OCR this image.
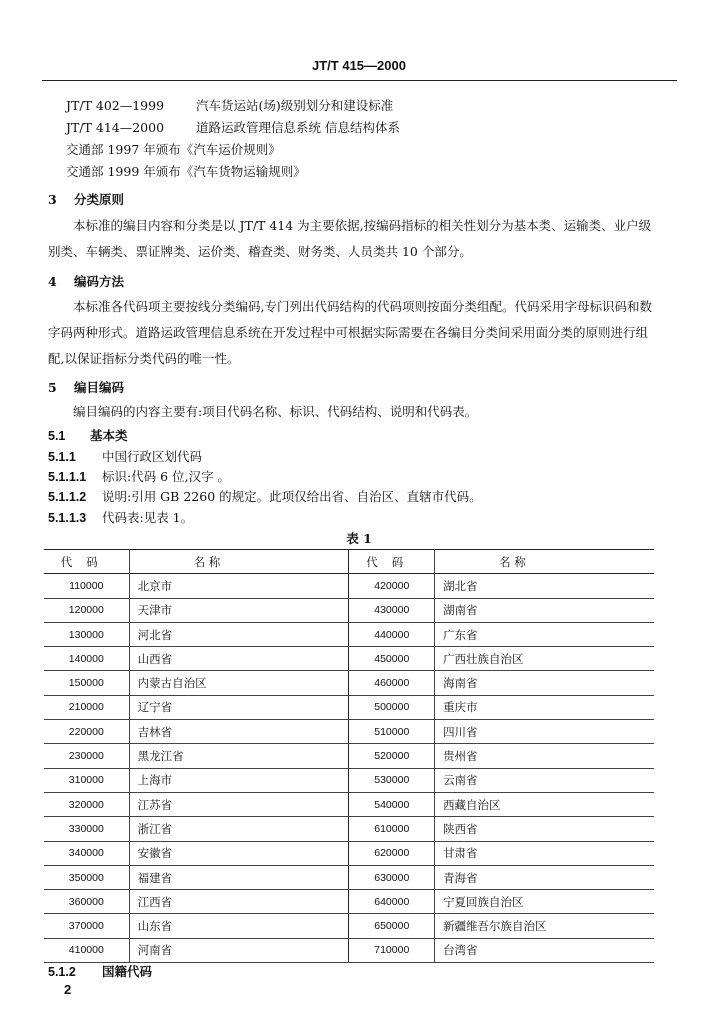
JT/T 415—2000
JT/T 402—1999	汽车货运站(场)级别划分和建设标准
JT/T 414—2000	道路运政管理信息系统 信息结构体系
交通部 1997 年颁布《汽车运价规则》
交通部 1999 年颁布《汽车货物运输规则》
3 分类原则
本标准的编目内容和分类是以 JT/T 414 为主要依据,按编码指标的相关性划分为基本类、运输类、业户级别类、车辆类、票证牌类、运价类、稽查类、财务类、人员类共 10 个部分。
4 编码方法
本标准各代码项主要按线分类编码,专门列出代码结构的代码项则按面分类组配。代码采用字母标识码和数字码两种形式。道路运政管理信息系统在开发过程中可根据实际需要在各编目分类间采用面分类的原则进行组配,以保证指标分类代码的唯一性。
5 编目编码
编目编码的内容主要有:项目代码名称、标识、代码结构、说明和代码表。
5.1 基本类
5.1.1 中国行政区划代码
5.1.1.1 标识:代码 6 位,汉字 。
5.1.1.2 说明:引用 GB 2260 的规定。此项仅给出省、自治区、直辖市代码。
5.1.1.3 代码表:见表 1。
表 1
代码	名 称	代码	名 称
110000	北京市	420000	湖北省
120000	天津市	430000	湖南省
130000	河北省	440000	广东省
140000	山西省	450000	广西壮族自治区
150000	内蒙古自治区	460000	海南省
210000	辽宁省	500000	重庆市
220000	吉林省	510000	四川省
230000	黑龙江省	520000	贵州省
310000	上海市	530000	云南省
320000	江苏省	540000	西藏自治区
330000	浙江省	610000	陕西省
340000	安徽省	620000	甘肃省
350000	福建省	630000	青海省
360000	江西省	640000	宁夏回族自治区
370000	山东省	650000	新疆维吾尔族自治区
410000	河南省	710000	台湾省
5.1.2 国籍代码
2
